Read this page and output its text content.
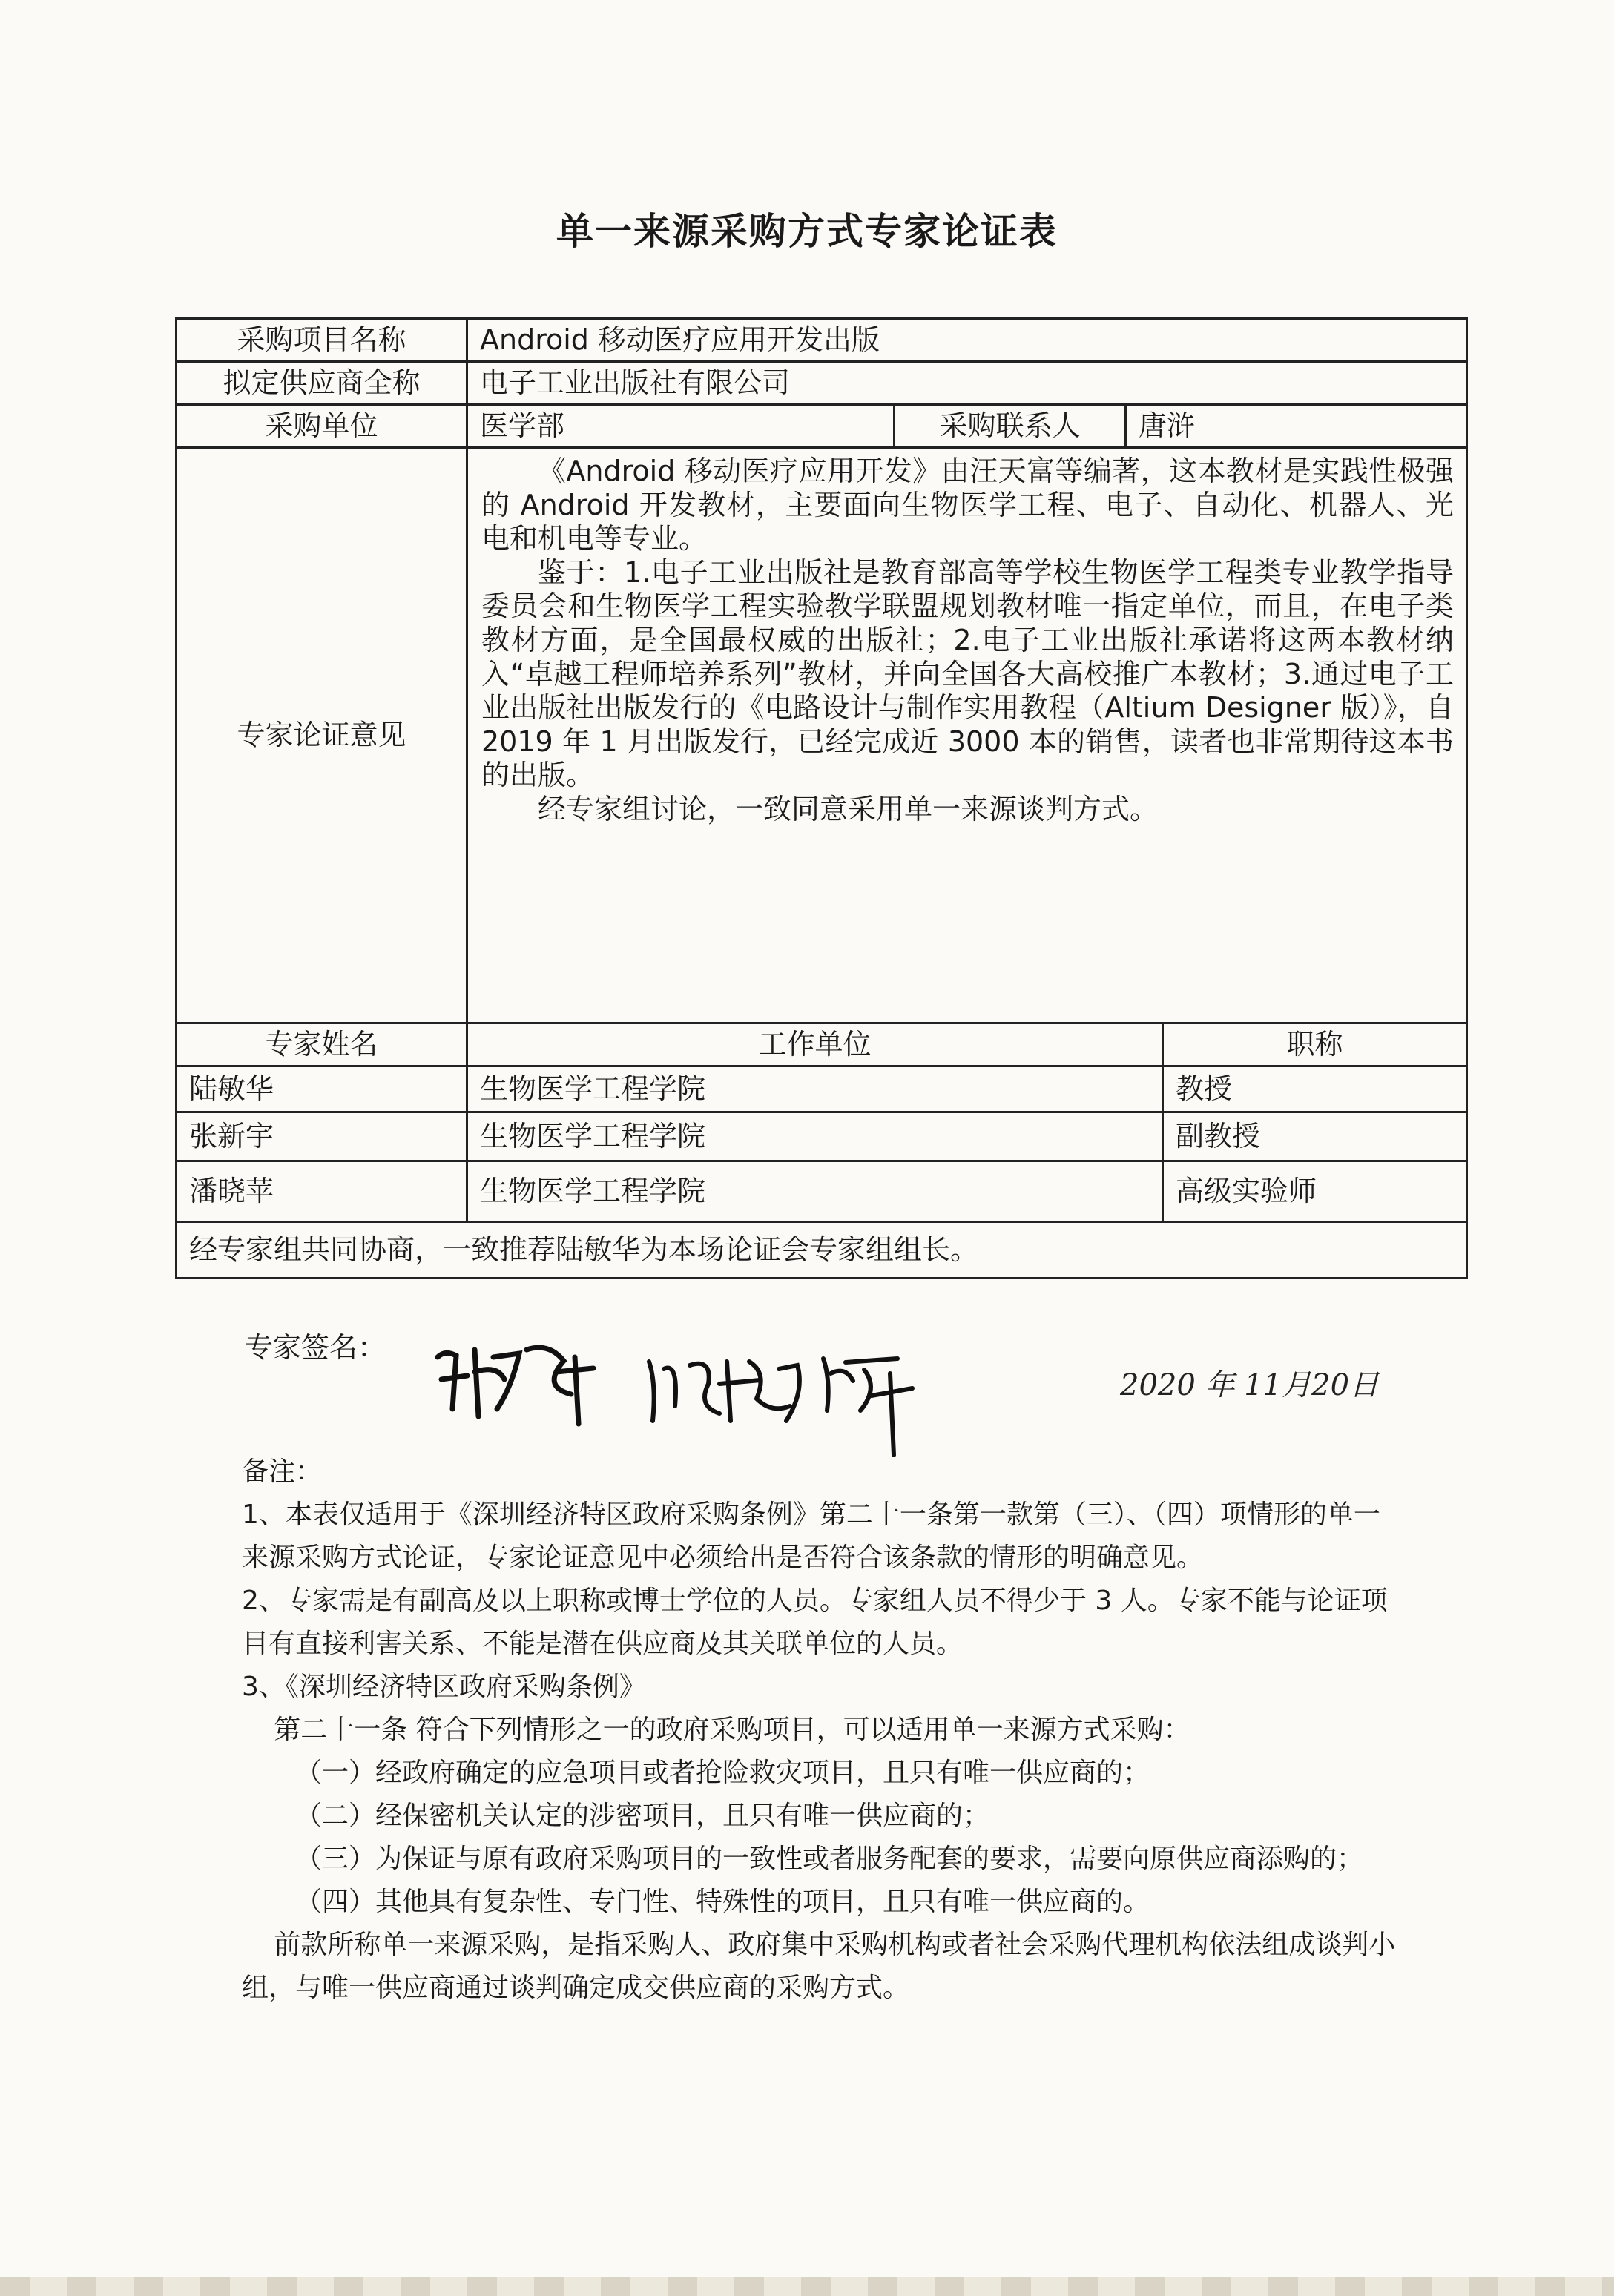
单一来源采购方式专家论证表
采购项目名称	Android 移动医疗应用开发出版		
拟定供应商全称	电子工业出版社有限公司		
采购单位	医学部	采购联系人	唐浒
专家论证意见	《Android 移动医疗应用开发》由汪天富等编著，这本教材是实践性极强的 Android 开发教材，主要面向生物医学工程、电子、自动化、机器人、光电和机电等专业。

鉴于：1.电子工业出版社是教育部高等学校生物医学工程类专业教学指导委员会和生物医学工程实验教学联盟规划教材唯一指定单位，而且，在电子类教材方面，是全国最权威的出版社；2.电子工业出版社承诺将这两本教材纳入“卓越工程师培养系列”教材，并向全国各大高校推广本教材；3.通过电子工业出版社出版发行的《电路设计与制作实用教程（Altium Designer 版）》，自 2019 年 1 月出版发行，已经完成近 3000 本的销售，读者也非常期待这本书的出版。

经专家组讨论，一致同意采用单一来源谈判方式。		

专家姓名	工作单位	职称
陆敏华	生物医学工程学院	教授
张新宇	生物医学工程学院	副教授
潘晓苹	生物医学工程学院	高级实验师
经专家组共同协商，一致推荐陆敏华为本场论证会专家组组长。		
专家签名：
2020 年 11月20日

备注：

1、本表仅适用于《深圳经济特区政府采购条例》第二十一条第一款第（三）、（四）项情形的单一来源采购方式论证，专家论证意见中必须给出是否符合该条款的情形的明确意见。

2、专家需是有副高及以上职称或博士学位的人员。专家组人员不得少于 3 人。专家不能与论证项目有直接利害关系、不能是潜在供应商及其关联单位的人员。

3、《深圳经济特区政府采购条例》

第二十一条 符合下列情形之一的政府采购项目，可以适用单一来源方式采购：

（一）经政府确定的应急项目或者抢险救灾项目，且只有唯一供应商的；

（二）经保密机关认定的涉密项目，且只有唯一供应商的；

（三）为保证与原有政府采购项目的一致性或者服务配套的要求，需要向原供应商添购的；

（四）其他具有复杂性、专门性、特殊性的项目，且只有唯一供应商的。

前款所称单一来源采购，是指采购人、政府集中采购机构或者社会采购代理机构依法组成谈判小组，与唯一供应商通过谈判确定成交供应商的采购方式。
